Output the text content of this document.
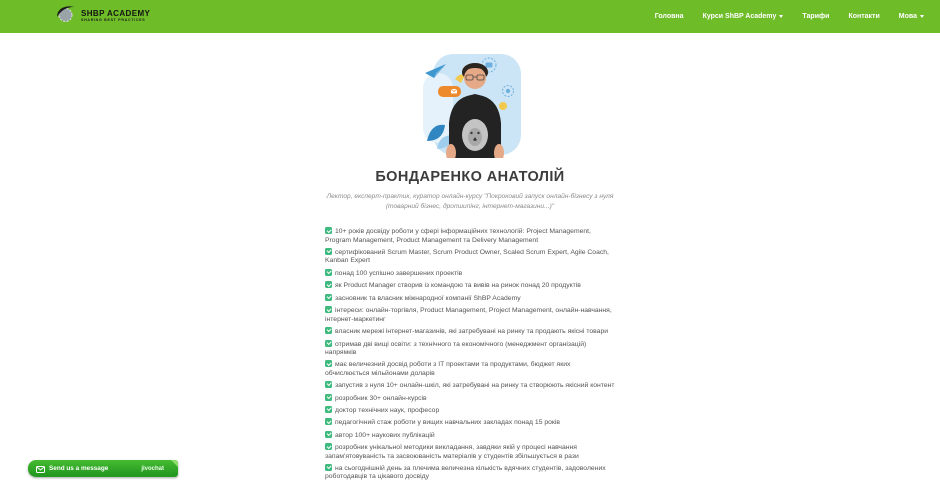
SHBP ACADEMY
SHARING BEST PRACTICES	Головна	Курси ShBP Academy	Тарифи	Контакти	Мова
БОНДАРЕНКО АНАТОЛІЙ

Лектор, експерт-практик, куратор онлайн-курсу "Покроковий запуск онлайн-бізнесу з нуля (товарний бізнес, дропшипінг, інтернет-магазини...)"

10+ років досвіду роботи у сфері інформаційних технологій: Project Management, Program Management, Product Management та Delivery Management
сертифікований Scrum Master, Scrum Product Owner, Scaled Scrum Expert, Agile Coach, Kanban Expert
понад 100 успішно завершених проектів
як Product Manager створив із командою та вивів на ринок понад 20 продуктів
засновник та власник міжнародної компанії ShBP Academy
інтереси: онлайн-торгівля, Product Management, Project Management, онлайн-навчання, інтернет-маркетинг
власник мережі інтернет-магазинів, які затребувані на ринку та продають якісні товари
отримав дві вищі освіти: з технічного та економічного (менеджмент організацій) напрямків
має величезний досвід роботи з ІТ проектами та продуктами, бюджет яких обчислюється мільйонами доларів
запустив з нуля 10+ онлайн-шкіл, які затребувані на ринку та створюють якісний контент
розробник 30+ онлайн-курсів
доктор технічних наук, професор
педагогічний стаж роботи у вищих навчальних закладах понад 15 років
автор 100+ наукових публікацій
розробник унікальної методики викладання, завдяки якій у процесі навчання запам'ятовуваність та засвоюваність матеріалів у студентів збільшується в рази
на сьогоднішній день за плечима величезна кількість вдячних студентів, задоволених роботодавців та цікавого досвіду
Send us a message	jivochat
